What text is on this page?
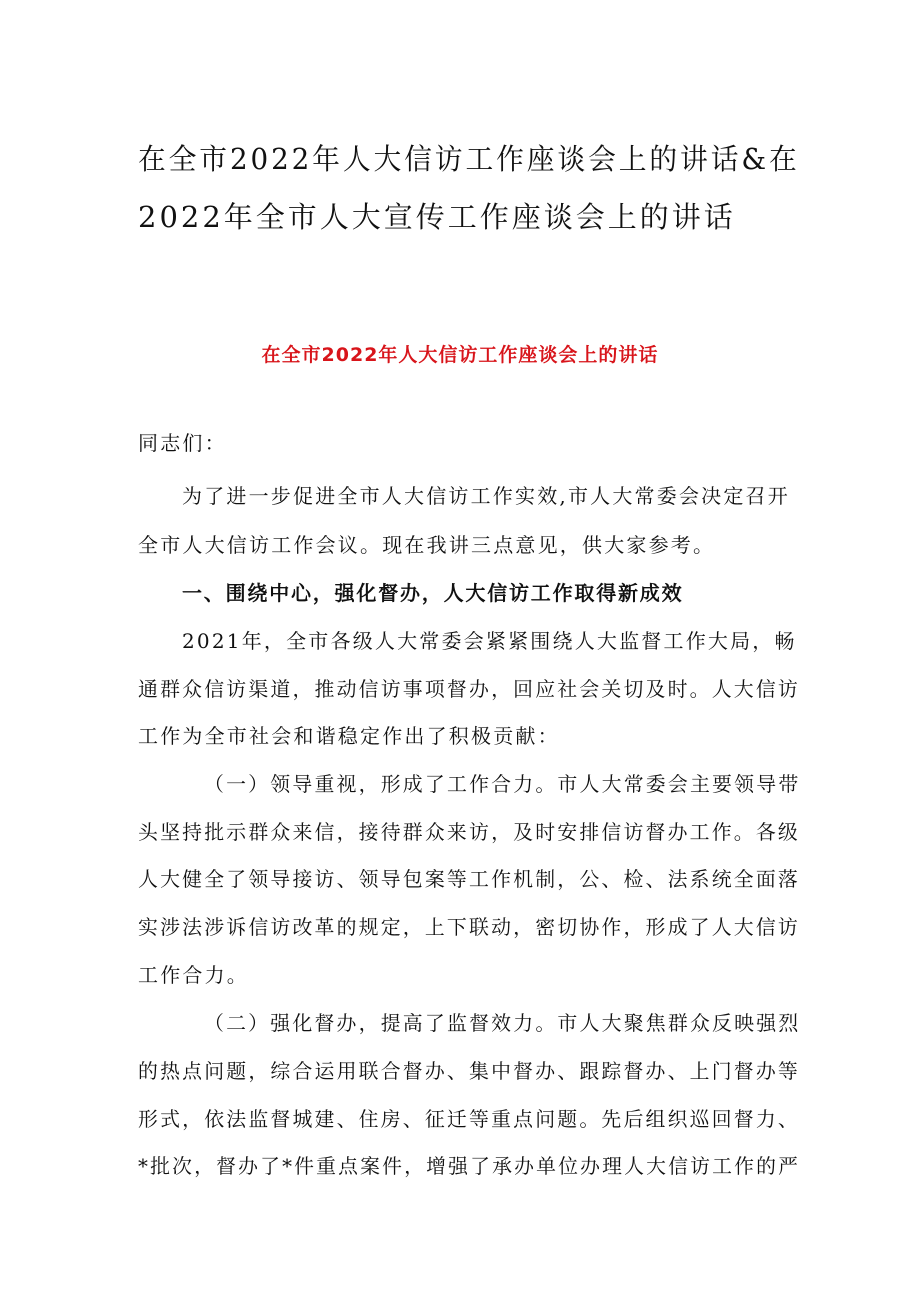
在全市2022年人大信访工作座谈会上的讲话&在
2022年全市人大宣传工作座谈会上的讲话
在全市2022年人大信访工作座谈会上的讲话
同志们：
为了进一步促进全市人大信访工作实效,市人大常委会决定召开
全市人大信访工作会议。现在我讲三点意见，供大家参考。
一、围绕中心，强化督办，人大信访工作取得新成效
2021年，全市各级人大常委会紧紧围绕人大监督工作大局，畅
通群众信访渠道，推动信访事项督办，回应社会关切及时。人大信访
工作为全市社会和谐稳定作出了积极贡献：
（一）领导重视，形成了工作合力。市人大常委会主要领导带
头坚持批示群众来信，接待群众来访，及时安排信访督办工作。各级
人大健全了领导接访、领导包案等工作机制，公、检、法系统全面落
实涉法涉诉信访改革的规定，上下联动，密切协作，形成了人大信访
工作合力。
（二）强化督办，提高了监督效力。市人大聚焦群众反映强烈
的热点问题，综合运用联合督办、集中督办、跟踪督办、上门督办等
形式，依法监督城建、住房、征迁等重点问题。先后组织巡回督力、
*批次，督办了*件重点案件，增强了承办单位办理人大信访工作的严
